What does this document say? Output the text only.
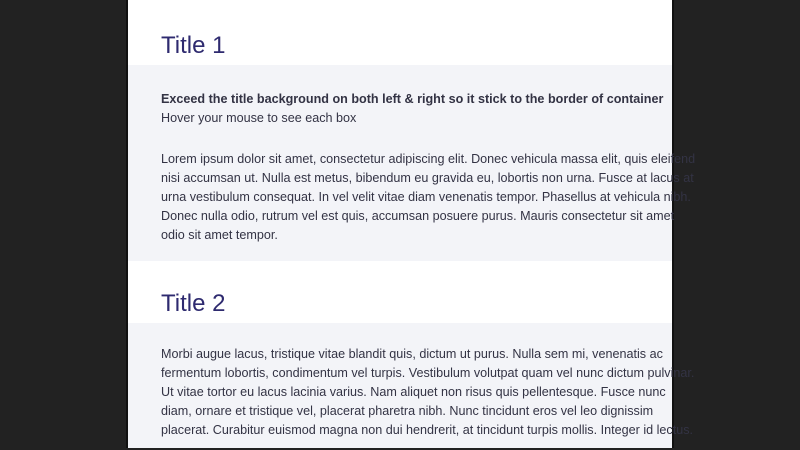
Title 1
Exceed the title background on both left & right so it stick to the border of container
Hover your mouse to see each box
Lorem ipsum dolor sit amet, consectetur adipiscing elit. Donec vehicula massa elit, quis eleifend
nisi accumsan ut. Nulla est metus, bibendum eu gravida eu, lobortis non urna. Fusce at lacus at
urna vestibulum consequat. In vel velit vitae diam venenatis tempor. Phasellus at vehicula nibh.
Donec nulla odio, rutrum vel est quis, accumsan posuere purus. Mauris consectetur sit amet
odio sit amet tempor.
Title 2
Morbi augue lacus, tristique vitae blandit quis, dictum ut purus. Nulla sem mi, venenatis ac
fermentum lobortis, condimentum vel turpis. Vestibulum volutpat quam vel nunc dictum pulvinar.
Ut vitae tortor eu lacus lacinia varius. Nam aliquet non risus quis pellentesque. Fusce nunc
diam, ornare et tristique vel, placerat pharetra nibh. Nunc tincidunt eros vel leo dignissim
placerat. Curabitur euismod magna non dui hendrerit, at tincidunt turpis mollis. Integer id lectus.
